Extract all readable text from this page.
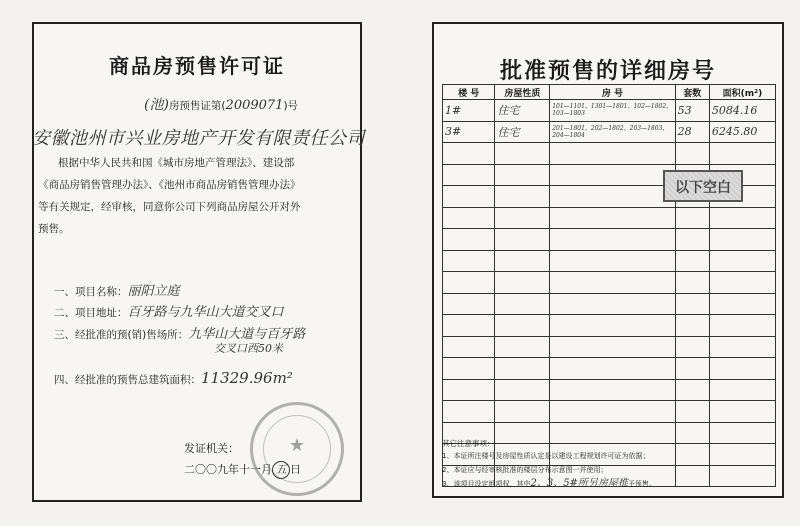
商品房预售许可证
(池)房预售证第(2009071)号
安徽池州市兴业房地产开发有限责任公司
根据中华人民共和国《城市房地产管理法》、建设部
《商品房销售管理办法》、《池州市商品房销售管理办法》
等有关规定，经审核，同意你公司下列商品房屋公开对外
预售。
一、项目名称：丽阳立庭
二、项目地址：百牙路与九华山大道交叉口
三、经批准的预(销)售场所：九华山大道与百牙路
交叉口西50米
四、经批准的预售总建筑面积：11329.96m²
★
发证机关：
二〇〇九年十一月 五 日
批准预售的详细房号
楼 号	房屋性质	房 号	套数	面积(m²)
1#	住宅	101—1101、1301—1801、102—1802、103—1803	53	5084.16
3#	住宅	201—1801、202—1802、203—1803、204—1804	28	6245.80

以下空白
其它注意事项：
1、本证所注楼号及房屋性质认定是以建设工程规划许可证为依据；
2、本证应与经审核批准的楼层分布示意图一并使用；
3、该项目设定地项权，其中2、3、5#所另房屋推予预售。
